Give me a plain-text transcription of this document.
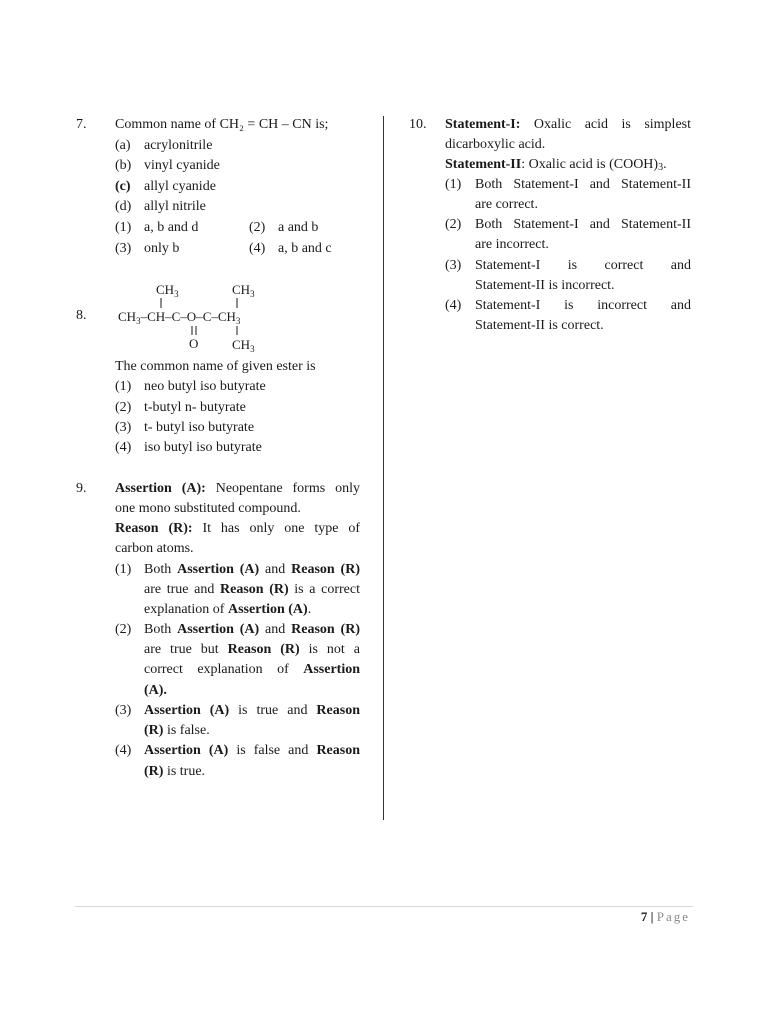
7. Common name of CH₂ = CH – CN is;
(a) acrylonitrile
(b) vinyl cyanide
(c) allyl cyanide
(d) allyl nitrile
(1) a, b and d	(2) a and b
(3) only b	(4) a, b and c
8.
$CH_3$	$CH_3$
$CH_3-CH-C-O-C-CH_3$
O	$CH_3$
The common name of given ester is
(1) neo butyl iso butyrate
(2) t-butyl n- butyrate
(3) t- butyl iso butyrate
(4) iso butyl iso butyrate
9. Assertion (A): Neopentane forms only
one mono substituted compound.
Reason (R): It has only one type of
carbon atoms.
(1) Both Assertion (A) and Reason (R)
are true and Reason (R) is a correct
explanation of Assertion (A).
(2) Both Assertion (A) and Reason (R)
are true but Reason (R) is not a
correct explanation of Assertion
(A).
(3) Assertion (A) is true and Reason
(R) is false.
(4) Assertion (A) is false and Reason
(R) is true.
10. Statement-I: Oxalic acid is simplest
dicarboxylic acid.
Statement-II: Oxalic acid is $(COOH)_3$.
(1) Both Statement-I and Statement-II
are correct.
(2) Both Statement-I and Statement-II
are incorrect.
(3) Statement-I is correct and
Statement-II is incorrect.
(4) Statement-I is incorrect and
Statement-II is correct.
7 | Page
